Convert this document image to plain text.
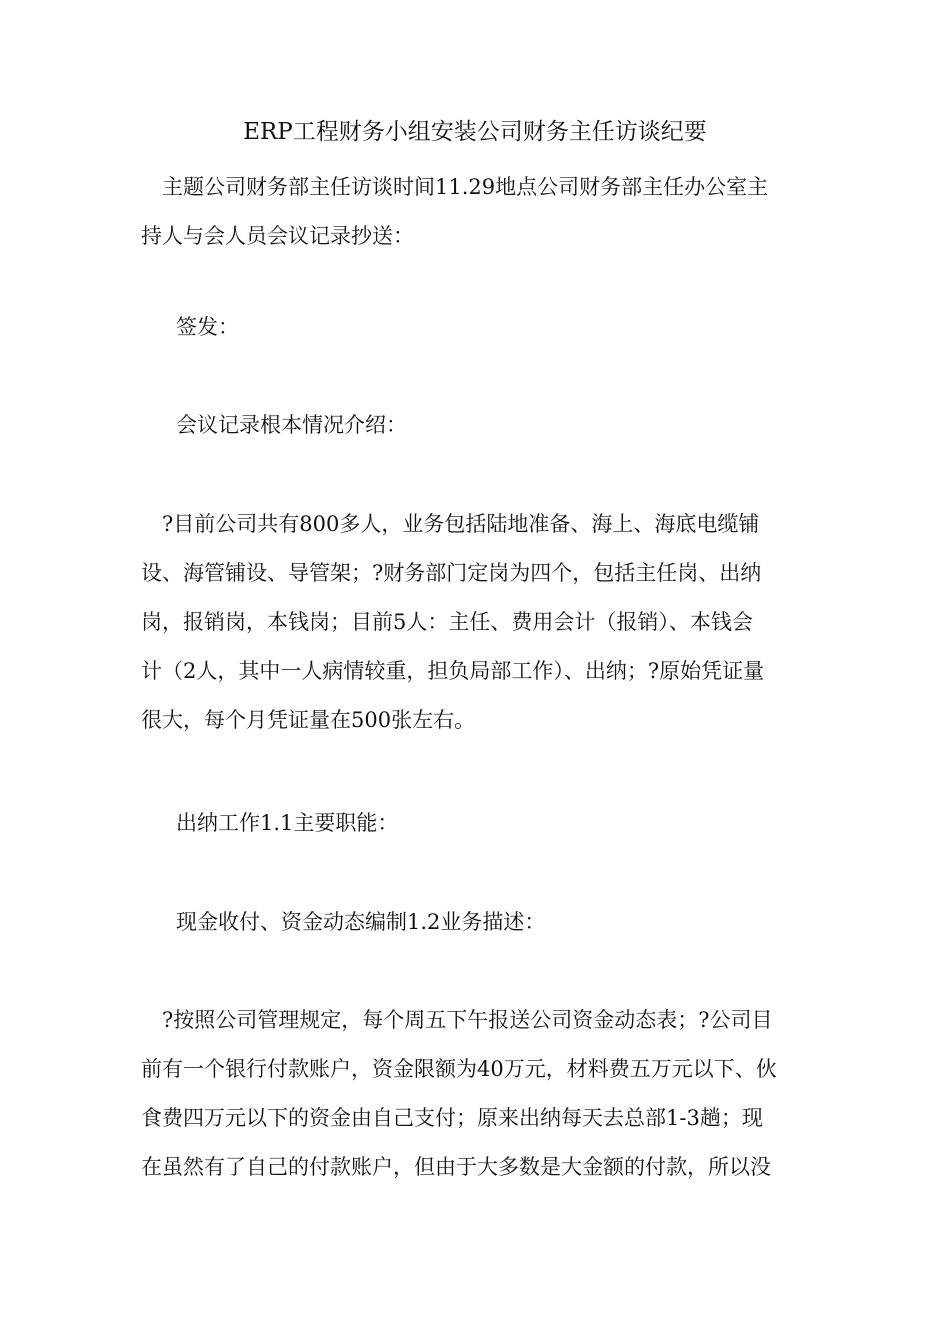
ERP工程财务小组安装公司财务主任访谈纪要
　主题公司财务部主任访谈时间11.29地点公司财务部主任办公室主
持人与会人员会议记录抄送：

签发：

会议记录根本情况介绍：

　?目前公司共有800多人，业务包括陆地准备、海上、海底电缆铺
设、海管铺设、导管架；?财务部门定岗为四个，包括主任岗、出纳
岗，报销岗，本钱岗；目前5人：主任、费用会计（报销）、本钱会
计（2人，其中一人病情较重，担负局部工作）、出纳；?原始凭证量
很大，每个月凭证量在500张左右。

出纳工作1.1主要职能：

现金收付、资金动态编制1.2业务描述：

　?按照公司管理规定，每个周五下午报送公司资金动态表；?公司目
前有一个银行付款账户，资金限额为40万元，材料费五万元以下、伙
食费四万元以下的资金由自己支付；原来出纳每天去总部1-3趟；现
在虽然有了自己的付款账户，但由于大多数是大金额的付款，所以没
